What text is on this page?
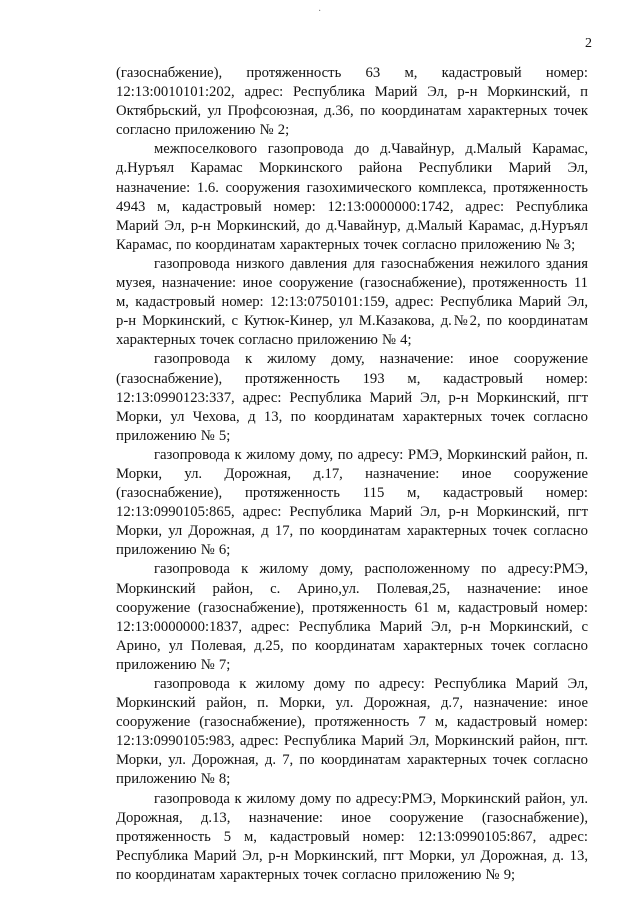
·
2

(газоснабжение), протяженность 63 м, кадастровый номер: 12:13:0010101:202, адрес: Республика Марий Эл, р-н Моркинский, п Октябрьский, ул Профсоюзная, д.36, по координатам характерных точек согласно приложению № 2;

межпоселкового газопровода до д.Чавайнур, д.Малый Карамас, д.Нуръял Карамас Моркинского района Республики Марий Эл, назначение: 1.6. сооружения газохимического комплекса, протяженность 4943 м, кадастровый номер: 12:13:0000000:1742, адрес: Республика Марий Эл, р-н Моркинский, до д.Чавайнур, д.Малый Карамас, д.Нуръял Карамас, по координатам характерных точек согласно приложению № 3;

газопровода низкого давления для газоснабжения нежилого здания музея, назначение: иное сооружение (газоснабжение), протяженность 11 м, кадастровый номер: 12:13:0750101:159, адрес: Республика Марий Эл, р-н Моркинский, с Кутюк-Кинер, ул М.Казакова, д.№2, по координатам характерных точек согласно приложению № 4;

газопровода к жилому дому, назначение: иное сооружение (газоснабжение), протяженность 193 м, кадастровый номер: 12:13:0990123:337, адрес: Республика Марий Эл, р-н Моркинский, пгт Морки, ул Чехова, д 13, по координатам характерных точек согласно приложению № 5;

газопровода к жилому дому, по адресу: РМЭ, Моркинский район, п. Морки, ул. Дорожная, д.17, назначение: иное сооружение (газоснабжение), протяженность 115 м, кадастровый номер: 12:13:0990105:865, адрес: Республика Марий Эл, р-н Моркинский, пгт Морки, ул Дорожная, д 17, по координатам характерных точек согласно приложению № 6;

газопровода к жилому дому, расположенному по адресу:РМЭ, Моркинский район, с. Арино,ул. Полевая,25, назначение: иное сооружение (газоснабжение), протяженность 61 м, кадастровый номер: 12:13:0000000:1837, адрес: Республика Марий Эл, р-н Моркинский, с Арино, ул Полевая, д.25, по координатам характерных точек согласно приложению № 7;

газопровода к жилому дому по адресу: Республика Марий Эл, Моркинский район, п. Морки, ул. Дорожная, д.7, назначение: иное сооружение (газоснабжение), протяженность 7 м, кадастровый номер: 12:13:0990105:983, адрес: Республика Марий Эл, Моркинский район, пгт. Морки, ул. Дорожная, д. 7, по координатам характерных точек согласно приложению № 8;

газопровода к жилому дому по адресу:РМЭ, Моркинский район, ул. Дорожная, д.13, назначение: иное сооружение (газоснабжение), протяженность 5 м, кадастровый номер: 12:13:0990105:867, адрес: Республика Марий Эл, р-н Моркинский, пгт Морки, ул Дорожная, д. 13, по координатам характерных точек согласно приложению № 9;
